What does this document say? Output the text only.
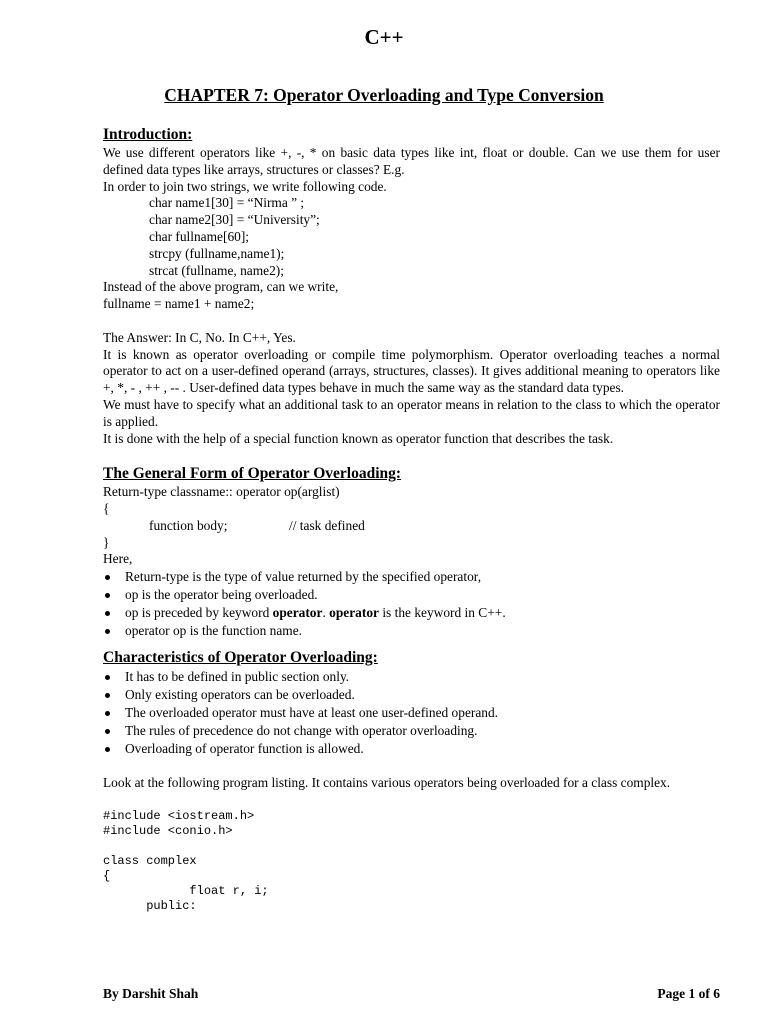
C++
CHAPTER 7: Operator Overloading and Type Conversion
Introduction:

We use different operators like +, -, * on basic data types like int, float or double. Can we use them for user defined data types like arrays, structures or classes? E.g.

In order to join two strings, we write following code.

char name1[30] = “Nirma ” ;

char name2[30] = “University”;

char fullname[60];

strcpy (fullname,name1);

strcat (fullname, name2);

Instead of the above program, can we write,

fullname = name1 + name2;

The Answer: In C, No. In C++, Yes.

It is known as operator overloading or compile time polymorphism. Operator overloading teaches a normal operator to act on a user-defined operand (arrays, structures, classes). It gives additional meaning to operators like +, *, - , ++ , -- . User-defined data types behave in much the same way as the standard data types.

We must have to specify what an additional task to an operator means in relation to the class to which the operator is applied.

It is done with the help of a special function known as operator function that describes the task.

The General Form of Operator Overloading:

Return-type classname:: operator op(arglist)

{

function body;	// task defined

}

Here,

Return-type is the type of value returned by the specified operator,
op is the operator being overloaded.
op is preceded by keyword operator. operator is the keyword in C++.
operator op is the function name.
Characteristics of Operator Overloading:
It has to be defined in public section only.
Only existing operators can be overloaded.
The overloaded operator must have at least one user-defined operand.
The rules of precedence do not change with operator overloading.
Overloading of operator function is allowed.

Look at the following program listing. It contains various operators being overloaded for a class complex.

#include <iostream.h>
#include <conio.h>

class complex
{
float r, i;
public:
By Darshit Shah	Page 1 of 6
